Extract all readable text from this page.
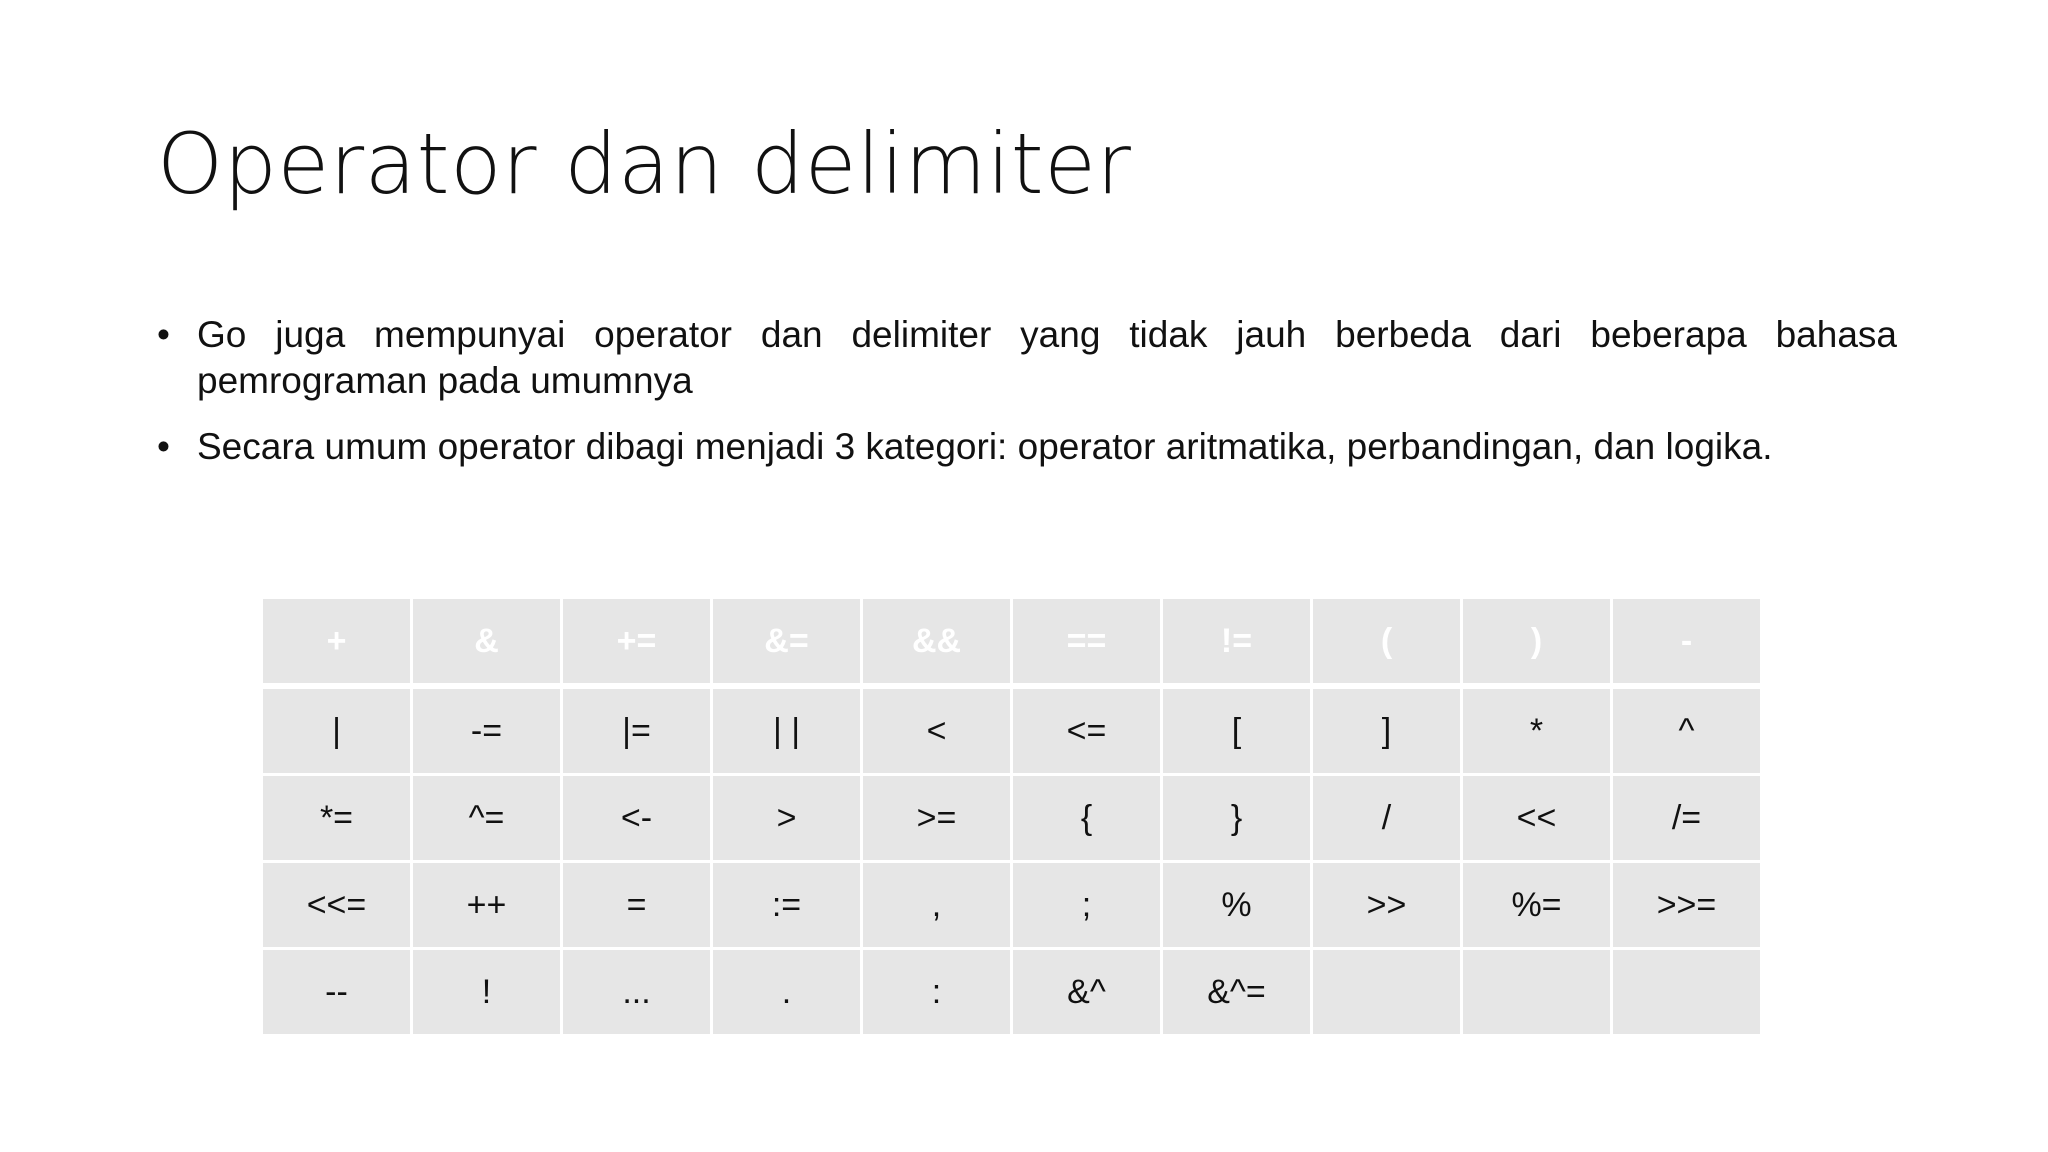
Operator dan delimiter
• Go juga mempunyai operator dan delimiter yang tidak jauh berbeda dari beberapa bahasa pemrograman pada umumnya
• Secara umum operator dibagi menjadi 3 kategori: operator aritmatika, perbandingan, dan logika.
+	&	+=	&=	&&	==	!=	(	)	-
|	-=	|=	| |	<	<=	[	]	*	^
*=	^=	<-	>	>=	{	}	/	<<	/=
<<=	++	=	:=	,	;	%	>>	%=	>>=
--	!	...	.	:	&^	&^=			
